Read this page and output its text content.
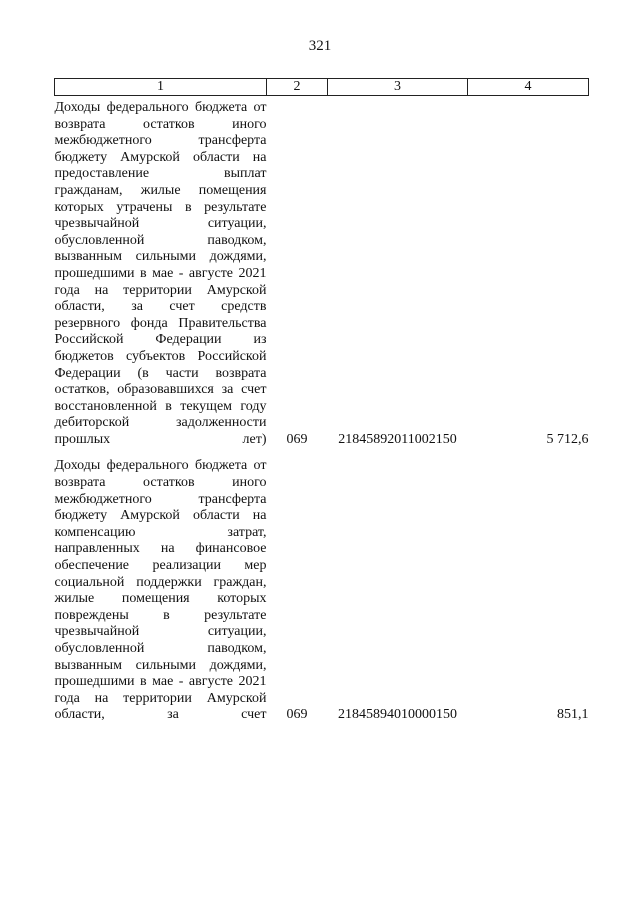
321
1	2	3	4
Доходы федерального бюджета от возврата остатков иного межбюджетного трансферта бюджету Амурской области на предоставление выплат гражданам, жилые помещения которых утрачены в результате чрезвычайной ситуации, обусловленной паводком, вызванным сильными дождями, прошедшими в мае - августе 2021 года на территории Амурской области, за счет средств резервного фонда Правительства Российской Федерации из бюджетов субъектов Российской Федерации (в части возврата остатков, образовавшихся за счет восстановленной в текущем году дебиторской задолженности прошлых лет)	069	21845892011002150	5 712,6
Доходы федерального бюджета от возврата остатков иного межбюджетного трансферта бюджету Амурской области на компенсацию затрат, направленных на финансовое обеспечение реализации мер социальной поддержки граждан, жилые помещения которых повреждены в результате чрезвычайной ситуации, обусловленной паводком, вызванным сильными дождями, прошедшими в мае - августе 2021 года на территории Амурской области, за счет	069	21845894010000150	851,1
